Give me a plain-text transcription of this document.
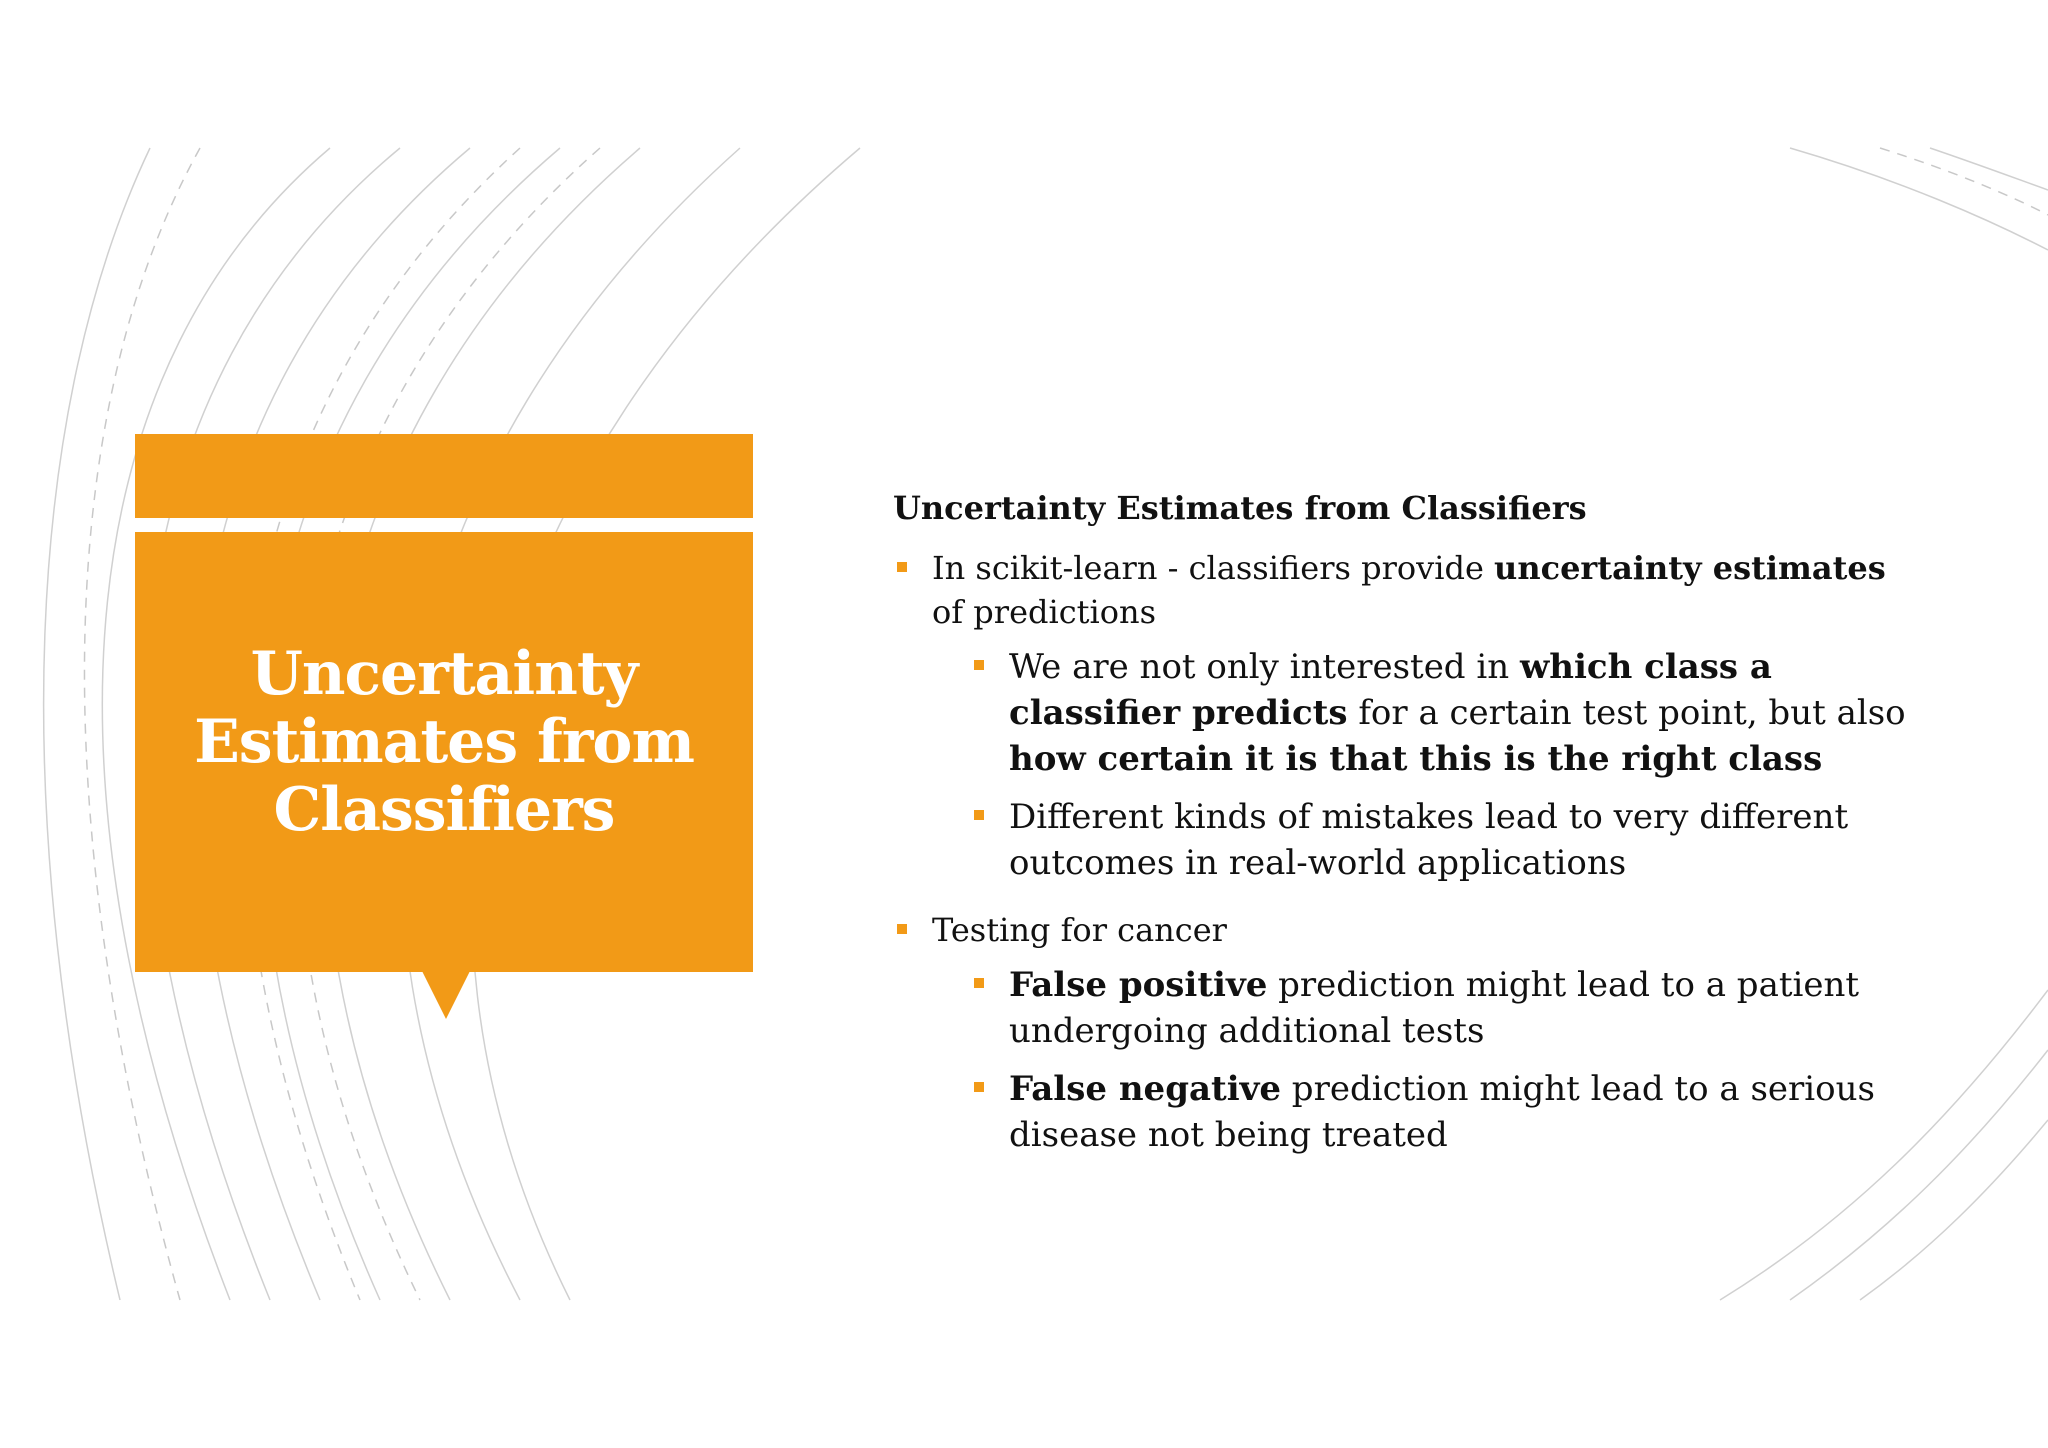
Uncertainty
Estimates from
Classifiers
Uncertainty Estimates from Classifiers
In scikit-learn - classifiers provide uncertainty estimates of predictions
We are not only interested in which class a classifier predicts for a certain test point, but also how certain it is that this is the right class
Different kinds of mistakes lead to very different outcomes in real-world applications
Testing for cancer
False positive prediction might lead to a patient undergoing additional tests
False negative prediction might lead to a serious disease not being treated
